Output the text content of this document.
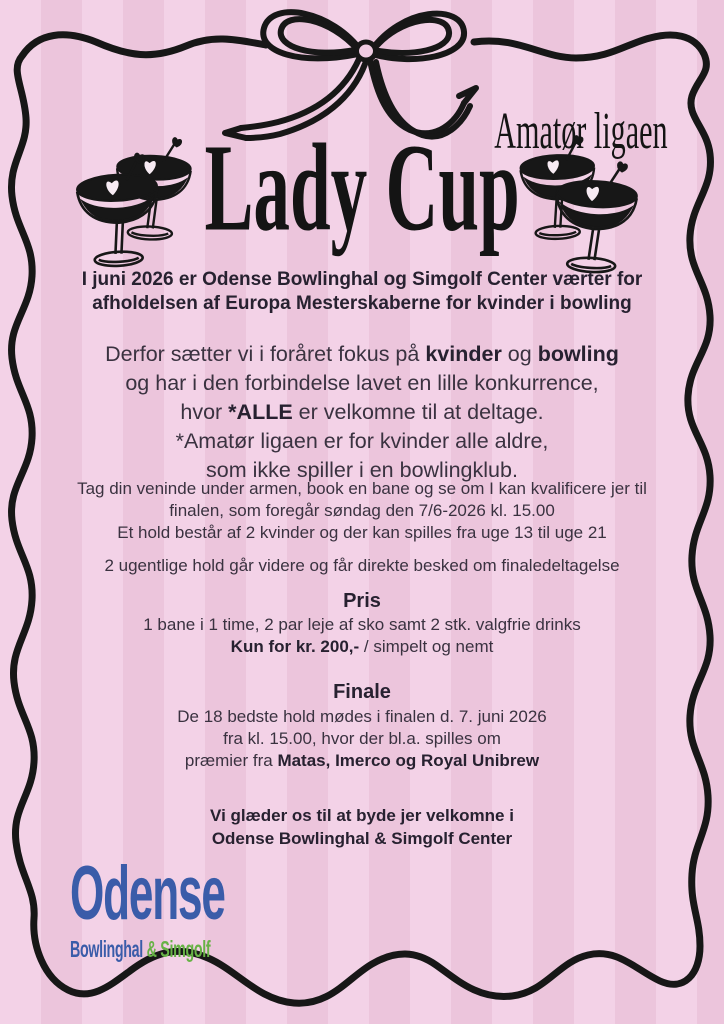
Amatør ligaen

Lady Cup

I juni 2026 er Odense Bowlinghal og Simgolf Center værter for
afholdelsen af Europa Mesterskaberne for kvinder i bowling

Derfor sætter vi i foråret fokus på kvinder og bowling
og har i den forbindelse lavet en lille konkurrence,
hvor *ALLE er velkomne til at deltage.
*Amatør ligaen er for kvinder alle aldre,
som ikke spiller i en bowlingklub.

Tag din veninde under armen, book en bane og se om I kan kvalificere jer til
finalen, som foregår søndag den 7/6-2026 kl. 15.00
Et hold består af 2 kvinder og der kan spilles fra uge 13 til uge 21

2 ugentlige hold går videre og får direkte besked om finaledeltagelse

Pris

1 bane i 1 time, 2 par leje af sko samt 2 stk. valgfrie drinks

Kun for kr. 200,- / simpelt og nemt

Finale

De 18 bedste hold mødes i finalen d. 7. juni 2026
fra kl. 15.00, hvor der bl.a. spilles om
præmier fra Matas, Imerco og Royal Unibrew

Vi glæder os til at byde jer velkomne i
Odense Bowlinghal & Simgolf Center

Odense
Bowlinghal & Simgolf
